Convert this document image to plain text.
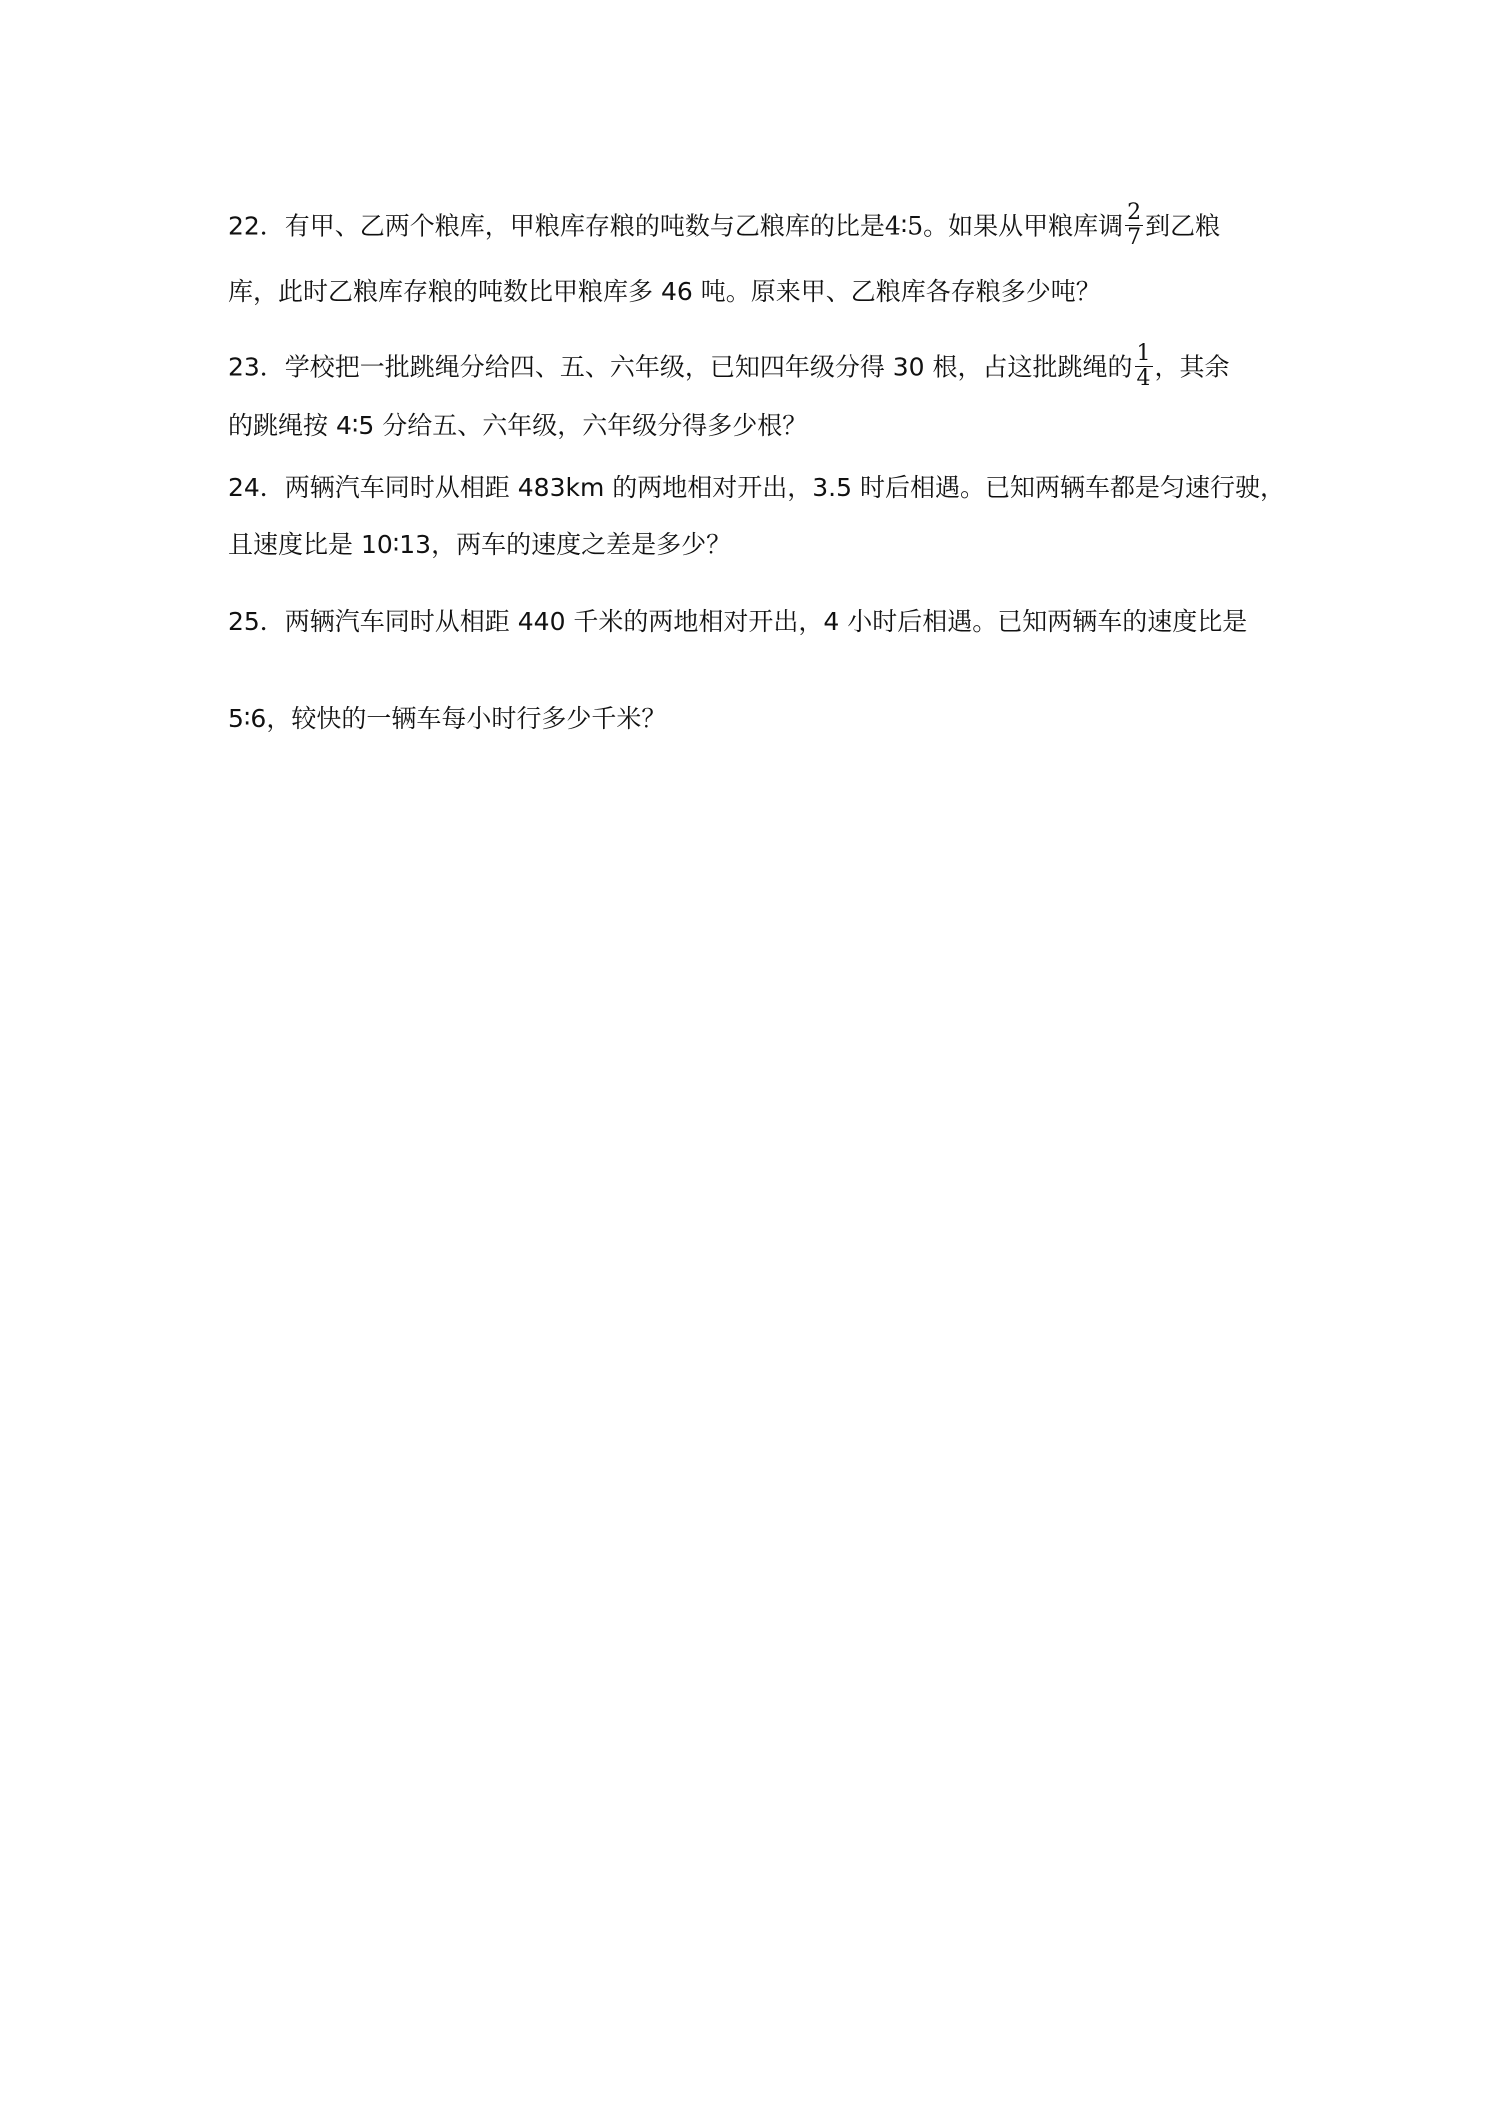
22．有甲、乙两个粮库，甲粮库存粮的吨数与乙粮库的比是4∶5。如果从甲粮库调 $\frac{2}{7}$ 到乙粮
库，此时乙粮库存粮的吨数比甲粮库多 46 吨。原来甲、乙粮库各存粮多少吨？
23．学校把一批跳绳分给四、五、六年级，已知四年级分得 30 根，占这批跳绳的 $\frac{1}{4}$ ，其余
的跳绳按 4∶5 分给五、六年级，六年级分得多少根？
24．两辆汽车同时从相距 483km 的两地相对开出，3.5 时后相遇。已知两辆车都是匀速行驶，
且速度比是 10∶13，两车的速度之差是多少？
25．两辆汽车同时从相距 440 千米的两地相对开出，4 小时后相遇。已知两辆车的速度比是
5∶6，较快的一辆车每小时行多少千米？
